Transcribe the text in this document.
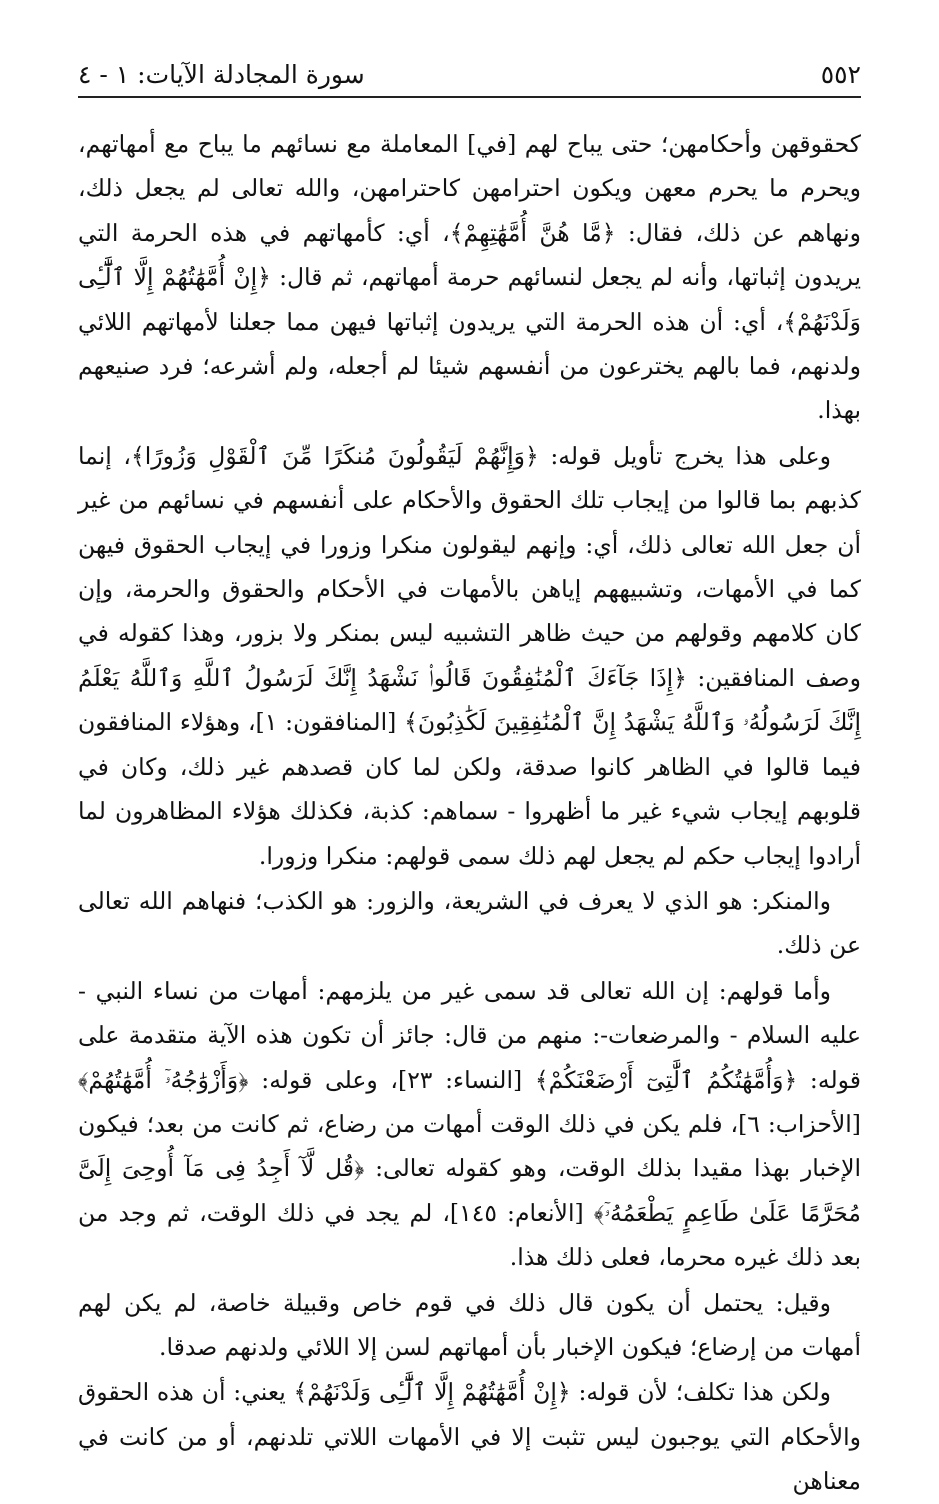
٥٥٢
سورة المجادلة الآيات: ١ - ٤

كحقوقهن وأحكامهن؛ حتى يباح لهم [في] المعاملة مع نسائهم ما يباح مع أمهاتهم، ويحرم ما يحرم معهن ويكون احترامهن كاحترامهن، والله تعالى لم يجعل ذلك، ونهاهم عن ذلك، فقال: ﴿مَّا هُنَّ أُمَّهَٰتِهِمْ﴾، أي: كأمهاتهم في هذه الحرمة التي يريدون إثباتها، وأنه لم يجعل لنسائهم حرمة أمهاتهم، ثم قال: ﴿إِنْ أُمَّهَٰتُهُمْ إِلَّا ٱلَّٰٓـِٔى وَلَدْنَهُمْ﴾، أي: أن هذه الحرمة التي يريدون إثباتها فيهن مما جعلنا لأمهاتهم اللائي ولدنهم، فما بالهم يخترعون من أنفسهم شيئا لم أجعله، ولم أشرعه؛ فرد صنيعهم بهذا.

وعلى هذا يخرج تأويل قوله: ﴿وَإِنَّهُمْ لَيَقُولُونَ مُنكَرًا مِّنَ ٱلْقَوْلِ وَزُورًا﴾، إنما كذبهم بما قالوا من إيجاب تلك الحقوق والأحكام على أنفسهم في نسائهم من غير أن جعل الله تعالى ذلك، أي: وإنهم ليقولون منكرا وزورا في إيجاب الحقوق فيهن كما في الأمهات، وتشبيههم إياهن بالأمهات في الأحكام والحقوق والحرمة، وإن كان كلامهم وقولهم من حيث ظاهر التشبيه ليس بمنكر ولا بزور، وهذا كقوله في وصف المنافقين: ﴿إِذَا جَآءَكَ ٱلْمُنَٰفِقُونَ قَالُوا۟ نَشْهَدُ إِنَّكَ لَرَسُولُ ٱللَّهِ وَٱللَّهُ يَعْلَمُ إِنَّكَ لَرَسُولُهُۥ وَٱللَّهُ يَشْهَدُ إِنَّ ٱلْمُنَٰفِقِينَ لَكَٰذِبُونَ﴾ [المنافقون: ١]، وهؤلاء المنافقون فيما قالوا في الظاهر كانوا صدقة، ولكن لما كان قصدهم غير ذلك، وكان في قلوبهم إيجاب شيء غير ما أظهروا - سماهم: كذبة، فكذلك هؤلاء المظاهرون لما أرادوا إيجاب حكم لم يجعل لهم ذلك سمى قولهم: منكرا وزورا.

والمنكر: هو الذي لا يعرف في الشريعة، والزور: هو الكذب؛ فنهاهم الله تعالى عن ذلك.

وأما قولهم: إن الله تعالى قد سمى غير من يلزمهم: أمهات من نساء النبي - عليه السلام - والمرضعات-: منهم من قال: جائز أن تكون هذه الآية متقدمة على قوله: ﴿وَأُمَّهَٰتُكُمُ ٱلَّٰتِىٓ أَرْضَعْنَكُمْ﴾ [النساء: ٢٣]، وعلى قوله: ﴿وَأَزْوَٰجُهُۥٓ أُمَّهَٰتُهُمْ﴾ [الأحزاب: ٦]، فلم يكن في ذلك الوقت أمهات من رضاع، ثم كانت من بعد؛ فيكون الإخبار بهذا مقيدا بذلك الوقت، وهو كقوله تعالى: ﴿قُل لَّآ أَجِدُ فِى مَآ أُوحِىَ إِلَىَّ مُحَرَّمًا عَلَىٰ طَاعِمٍ يَطْعَمُهُۥٓ﴾ [الأنعام: ١٤٥]، لم يجد في ذلك الوقت، ثم وجد من بعد ذلك غيره محرما، فعلى ذلك هذا.

وقيل: يحتمل أن يكون قال ذلك في قوم خاص وقبيلة خاصة، لم يكن لهم أمهات من إرضاع؛ فيكون الإخبار بأن أمهاتهم لسن إلا اللائي ولدنهم صدقا.

ولكن هذا تكلف؛ لأن قوله: ﴿إِنْ أُمَّهَٰتُهُمْ إِلَّا ٱلَّٰٓـِٔى وَلَدْنَهُمْ﴾ يعني: أن هذه الحقوق والأحكام التي يوجبون ليس تثبت إلا في الأمهات اللاتي تلدنهم، أو من كانت في معناهن
